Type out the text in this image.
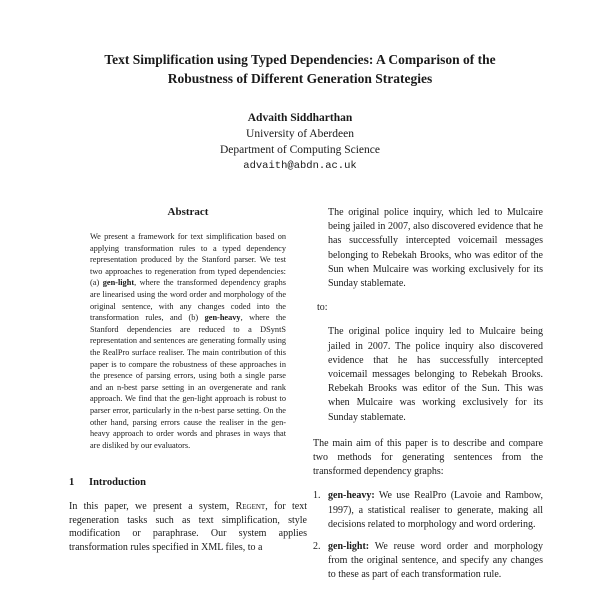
Text Simplification using Typed Dependencies: A Comparison of the
Robustness of Different Generation Strategies
Advaith Siddharthan
University of Aberdeen
Department of Computing Science
advaith@abdn.ac.uk
Abstract
We present a framework for text simplification based on applying transformation rules to a typed dependency representation produced by the Stanford parser. We test two approaches to regeneration from typed dependencies: (a) gen-light, where the transformed dependency graphs are linearised using the word order and morphology of the original sentence, with any changes coded into the transformation rules, and (b) gen-heavy, where the Stanford dependencies are reduced to a DSyntS representation and sentences are generating formally using the RealPro surface realiser. The main contribution of this paper is to compare the robustness of these approaches in the presence of parsing errors, using both a single parse and an n-best parse setting in an overgenerate and rank approach. We find that the gen-light approach is robust to parser error, particularly in the n-best parse setting. On the other hand, parsing errors cause the realiser in the gen-heavy approach to order words and phrases in ways that are disliked by our evaluators.
1 Introduction
In this paper, we present a system, Regent, for text regeneration tasks such as text simplification, style modification or paraphrase. Our system applies transformation rules specified in XML files, to a
The original police inquiry, which led to Mulcaire being jailed in 2007, also discovered evidence that he has successfully intercepted voicemail messages belonging to Rebekah Brooks, who was editor of the Sun when Mulcaire was working exclusively for its Sunday stablemate.
to:
The original police inquiry led to Mulcaire being jailed in 2007. The police inquiry also discovered evidence that he has successfully intercepted voicemail messages belonging to Rebekah Brooks. Rebekah Brooks was editor of the Sun. This was when Mulcaire was working exclusively for its Sunday stablemate.
The main aim of this paper is to describe and compare two methods for generating sentences from the transformed dependency graphs:
1. gen-heavy: We use RealPro (Lavoie and Rambow, 1997), a statistical realiser to generate, making all decisions related to morphology and word ordering.
2. gen-light: We reuse word order and morphology from the original sentence, and specify any changes to these as part of each transformation rule.
